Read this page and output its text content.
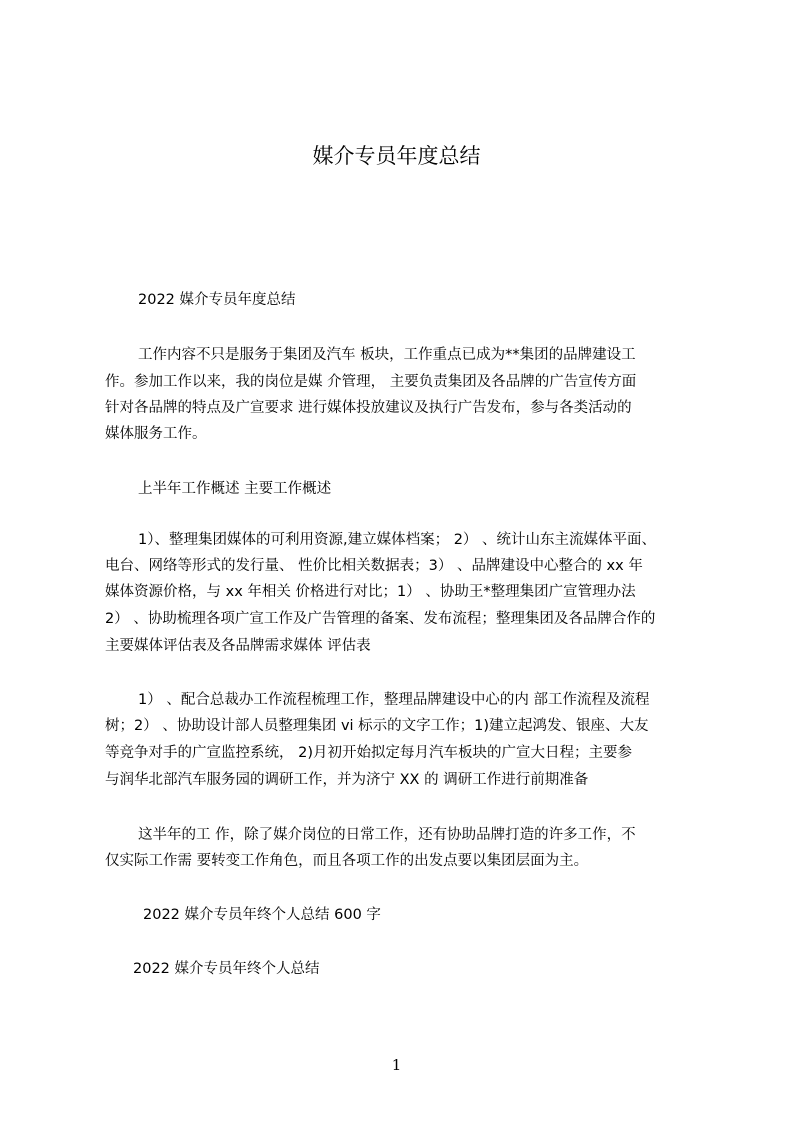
媒介专员年度总结
2022 媒介专员年度总结
工作内容不只是服务于集团及汽车 板块，工作重点已成为**集团的品牌建设工
作。参加工作以来，我的岗位是媒 介管理， 主要负责集团及各品牌的广告宣传方面
针对各品牌的特点及广宣要求 进行媒体投放建议及执行广告发布，参与各类活动的
媒体服务工作。
上半年工作概述 主要工作概述
1）、整理集团媒体的可利用资源,建立媒体档案； 2） 、统计山东主流媒体平面、
电台、网络等形式的发行量、 性价比相关数据表；3） 、品牌建设中心整合的 xx 年
媒体资源价格，与 xx 年相关 价格进行对比；1） 、协助王*整理集团广宣管理办法
2） 、协助梳理各项广宣工作及广告管理的备案、发布流程；整理集团及各品牌合作的
主要媒体评估表及各品牌需求媒体 评估表
1） 、配合总裁办工作流程梳理工作，整理品牌建设中心的内 部工作流程及流程
树；2） 、协助设计部人员整理集团 vi 标示的文字工作；1)建立起鸿发、银座、大友
等竞争对手的广宣监控系统， 2)月初开始拟定每月汽车板块的广宣大日程；主要参
与润华北部汽车服务园的调研工作，并为济宁 XX 的 调研工作进行前期准备
这半年的工 作，除了媒介岗位的日常工作，还有协助品牌打造的许多工作，不
仅实际工作需 要转变工作角色，而且各项工作的出发点要以集团层面为主。
2022 媒介专员年终个人总结 600 字
2022 媒介专员年终个人总结
1
